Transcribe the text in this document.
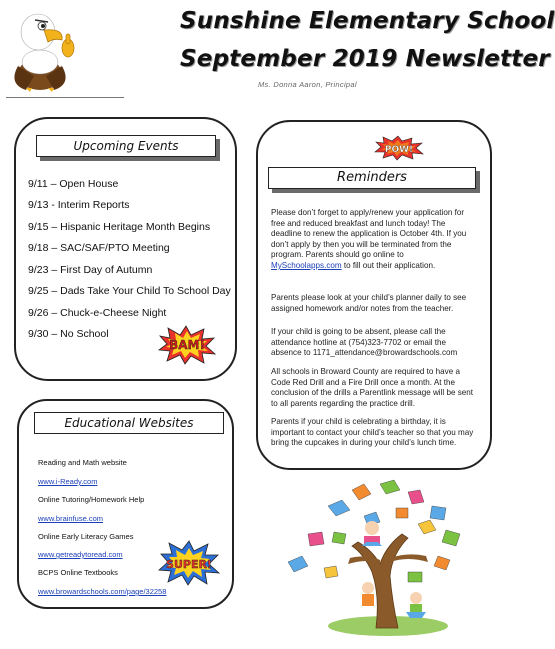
Sunshine Elementary School
September 2019 Newsletter
Ms. Donna Aaron, Principal
Upcoming Events
9/11 – Open House
9/13 - Interim Reports
9/15 – Hispanic Heritage Month Begins
9/18 – SAC/SAF/PTO Meeting
9/23 – First Day of Autumn
9/25 – Dads Take Your Child To School Day
9/26 – Chuck-e-Cheese Night
9/30 – No School
BAM!
Educational Websites
Reading and Math website
www.i-Ready.com
Online Tutoring/Homework Help
www.brainfuse.com
Online Early Literacy Games
www.getreadytoread.com
BCPS Online Textbooks
www.browardschools.com/page/32258
SUPER!
POW!
Reminders
Please don’t forget to apply/renew your application for free and reduced breakfast and lunch today! The deadline to renew the application is October 4th. If you don’t apply by then you will be terminated from the program. Parents should go online to MySchoolapps.com to fill out their application.
Parents please look at your child’s planner daily to see assigned homework and/or notes from the teacher.
If your child is going to be absent, please call the attendance hotline at (754)323-7702 or email the absence to 1171_attendance@browardschools.com
All schools in Broward County are required to have a Code Red Drill and a Fire Drill once a month. At the conclusion of the drills a Parentlink message will be sent to all parents regarding the practice drill.
Parents if your child is celebrating a birthday, it is important to contact your child’s teacher so that you may bring the cupcakes in during your child’s lunch time.
